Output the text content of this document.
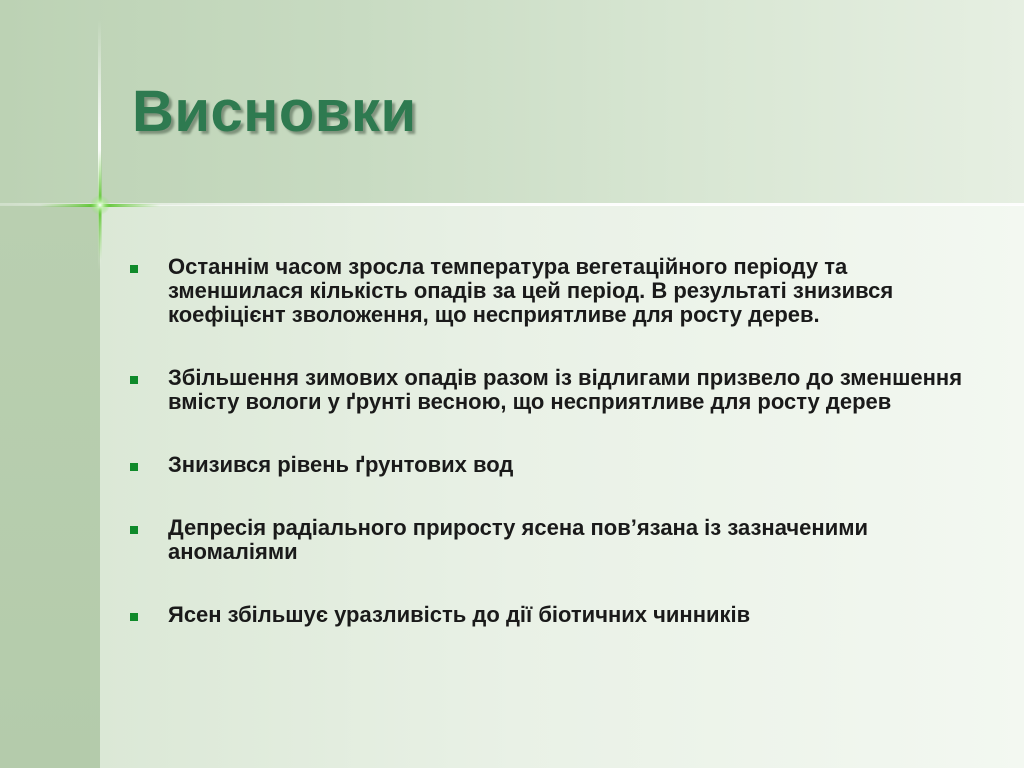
Висновки
Останнім часом зросла температура вегетаційного періоду та зменшилася кількість опадів за цей період. В результаті знизився коефіцієнт зволоження, що несприятливе для росту дерев.
Збільшення зимових опадів разом із відлигами призвело до зменшення вмісту вологи у ґрунті весною, що несприятливе для росту дерев
Знизився рівень ґрунтових вод
Депресія радіального приросту ясена пов’язана із зазначеними аномаліями
Ясен збільшує уразливість до дії біотичних чинників
